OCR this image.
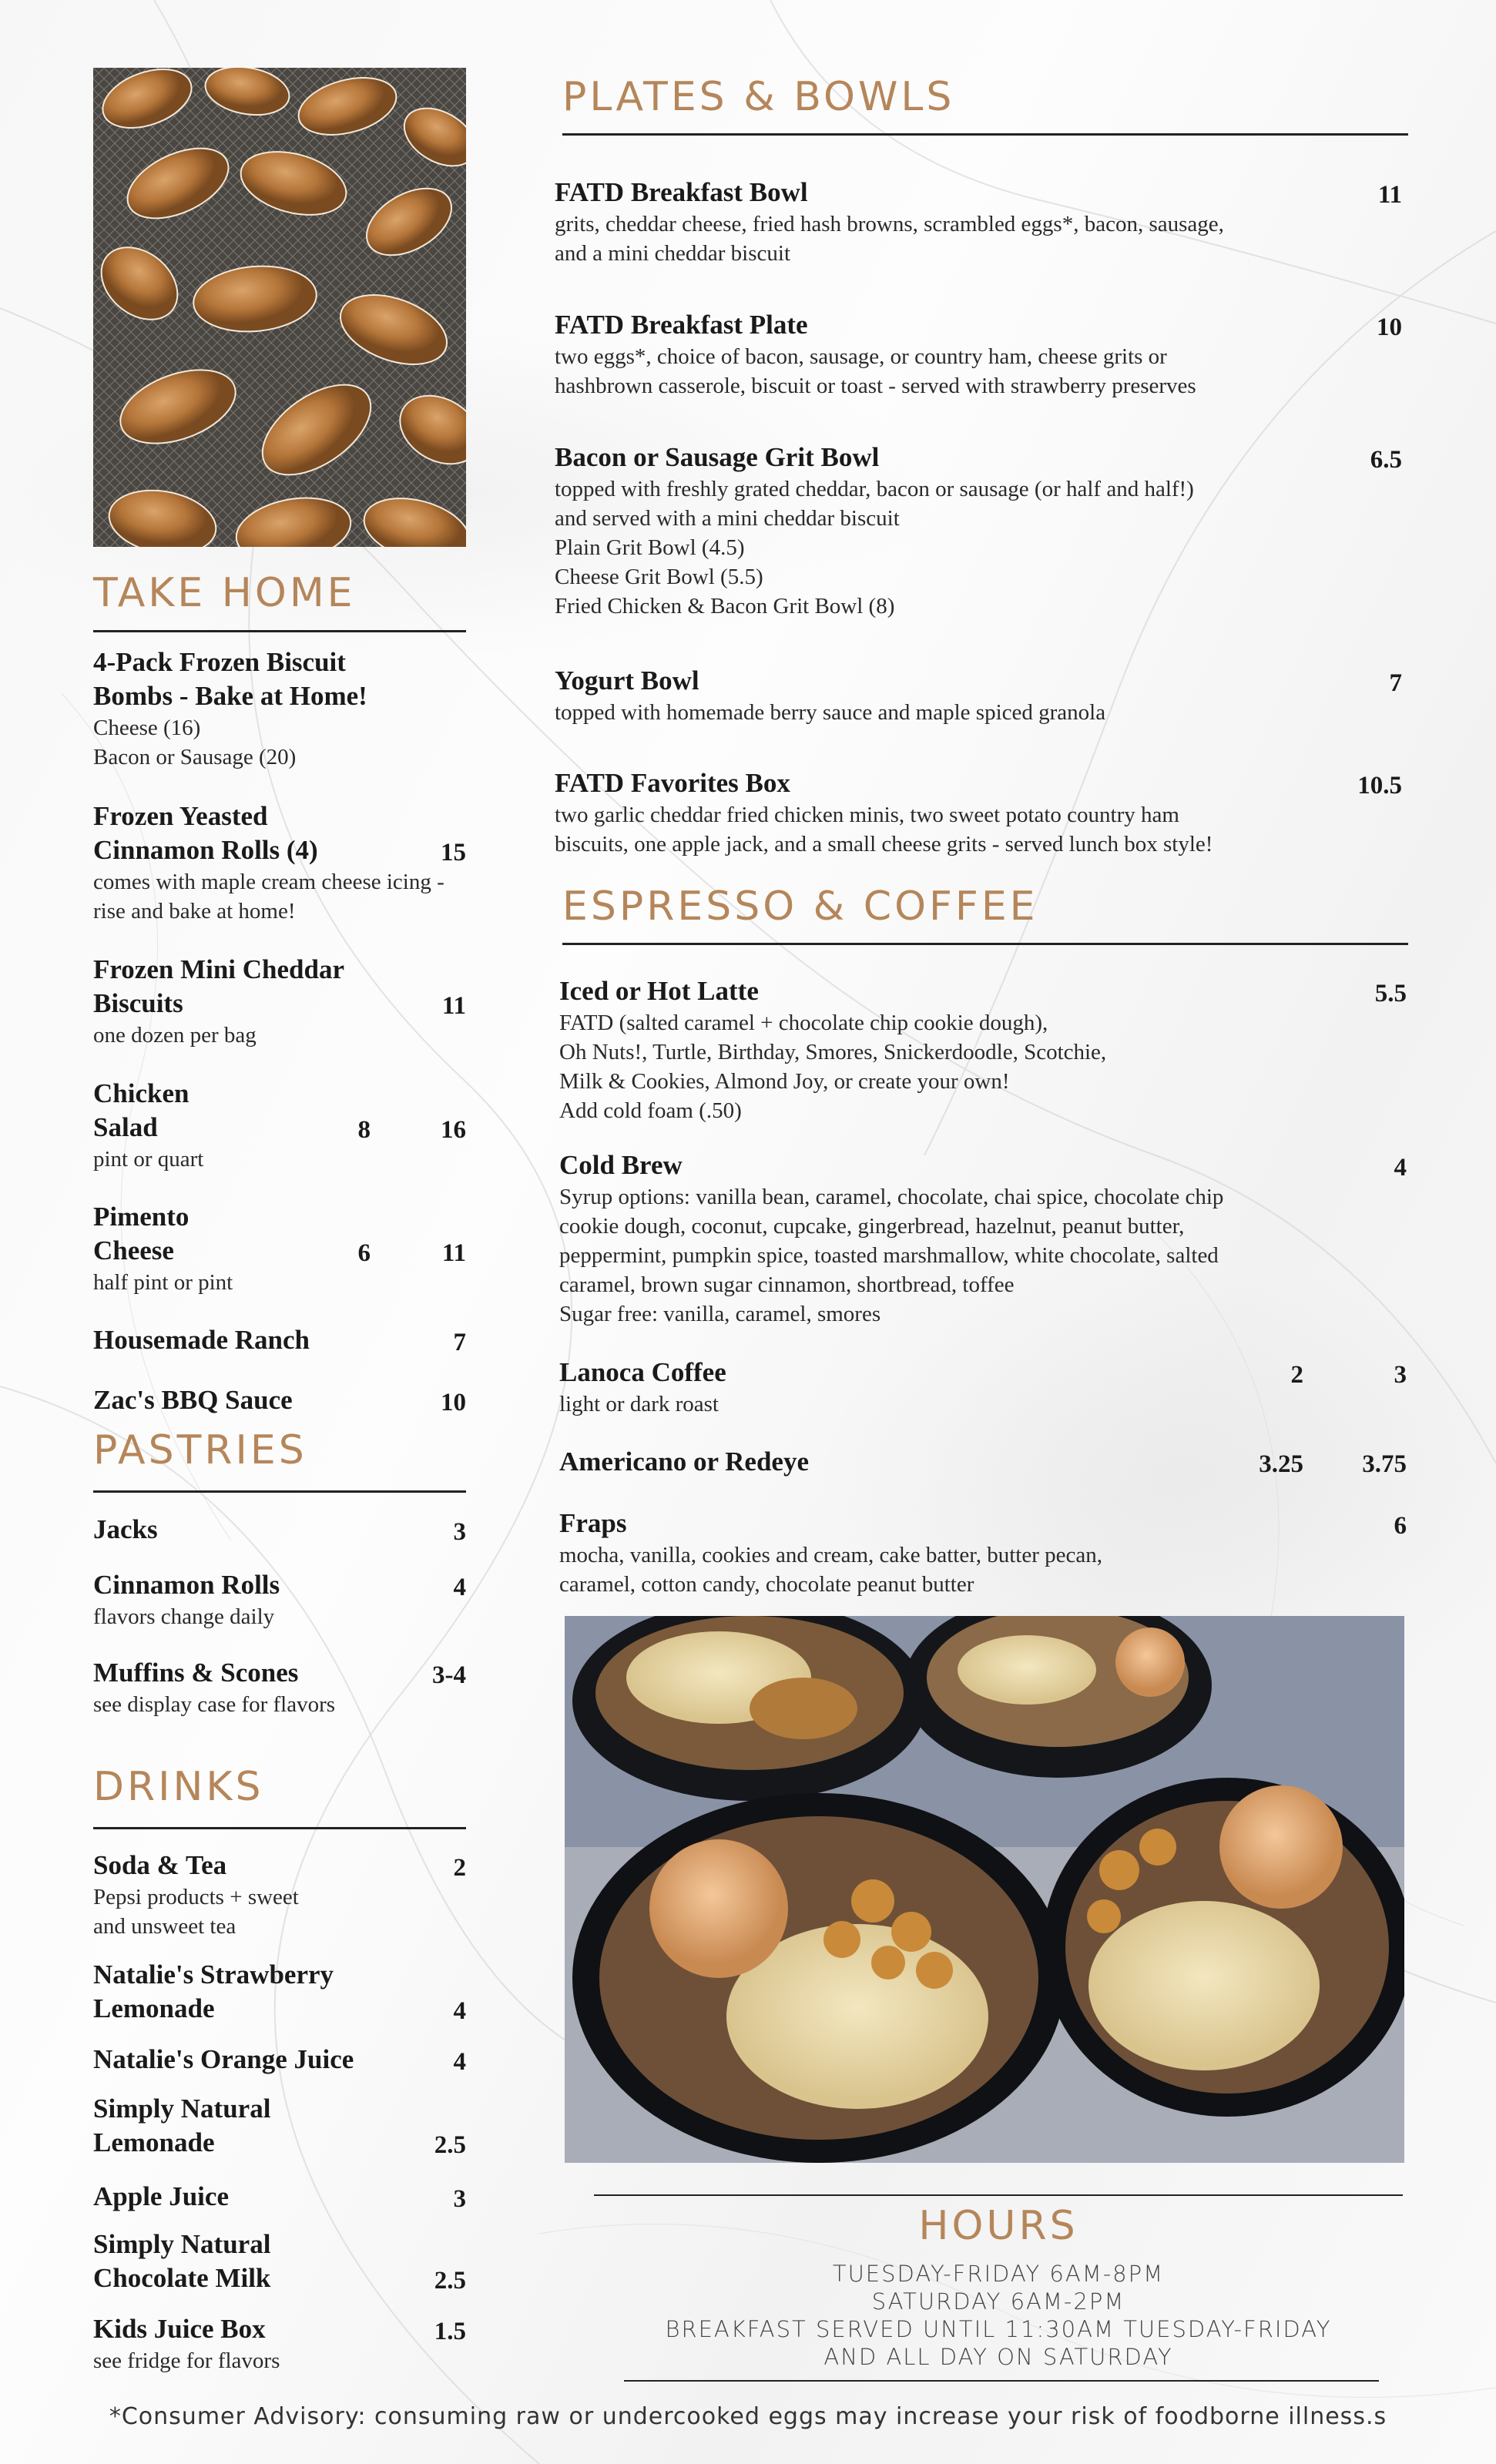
TAKE HOME
4-Pack Frozen Biscuit Bombs - Bake at Home!
Cheese (16)
Bacon or Sausage (20)
Frozen Yeasted Cinnamon Rolls (4)	15
comes with maple cream cheese icing - rise and bake at home!
Frozen Mini Cheddar Biscuits	11
one dozen per bag
Chicken Salad	8	16
pint or quart
Pimento Cheese	6	11
half pint or pint
Housemade Ranch	7
Zac's BBQ Sauce	10
PASTRIES
Jacks	3
Cinnamon Rolls	4
flavors change daily
Muffins & Scones	3-4
see display case for flavors
DRINKS
Soda & Tea	2
Pepsi products + sweet
and unsweet tea
Natalie's Strawberry
Lemonade	4
Natalie's Orange Juice	4
Simply Natural
Lemonade	2.5
Apple Juice	3
Simply Natural
Chocolate Milk	2.5
Kids Juice Box	1.5
see fridge for flavors
PLATES & BOWLS
FATD Breakfast Bowl	11
grits, cheddar cheese, fried hash browns, scrambled eggs*, bacon, sausage,
and a mini cheddar biscuit
FATD Breakfast Plate	10
two eggs*, choice of bacon, sausage, or country ham, cheese grits or
hashbrown casserole, biscuit or toast - served with strawberry preserves
Bacon or Sausage Grit Bowl	6.5
topped with freshly grated cheddar, bacon or sausage (or half and half!)
and served with a mini cheddar biscuit
Plain Grit Bowl (4.5)
Cheese Grit Bowl (5.5)
Fried Chicken & Bacon Grit Bowl (8)
Yogurt Bowl	7
topped with homemade berry sauce and maple spiced granola
FATD Favorites Box	10.5
two garlic cheddar fried chicken minis, two sweet potato country ham
biscuits, one apple jack, and a small cheese grits - served lunch box style!
ESPRESSO & COFFEE
Iced or Hot Latte	5.5
FATD (salted caramel + chocolate chip cookie dough),
Oh Nuts!, Turtle, Birthday, Smores, Snickerdoodle, Scotchie,
Milk & Cookies, Almond Joy, or create your own!
Add cold foam (.50)
Cold Brew	4
Syrup options: vanilla bean, caramel, chocolate, chai spice, chocolate chip
cookie dough, coconut, cupcake, gingerbread, hazelnut, peanut butter,
peppermint, pumpkin spice, toasted marshmallow, white chocolate, salted
caramel, brown sugar cinnamon, shortbread, toffee
Sugar free: vanilla, caramel, smores
Lanoca Coffee	2	3
light or dark roast
Americano or Redeye	3.25	3.75
Fraps	6
mocha, vanilla, cookies and cream, cake batter, butter pecan,
caramel, cotton candy, chocolate peanut butter
HOURS
TUESDAY-FRIDAY 6AM-8PM
SATURDAY 6AM-2PM
BREAKFAST SERVED UNTIL 11:30AM TUESDAY-FRIDAY
AND ALL DAY ON SATURDAY
*Consumer Advisory: consuming raw or undercooked eggs may increase your risk of foodborne illness.s
